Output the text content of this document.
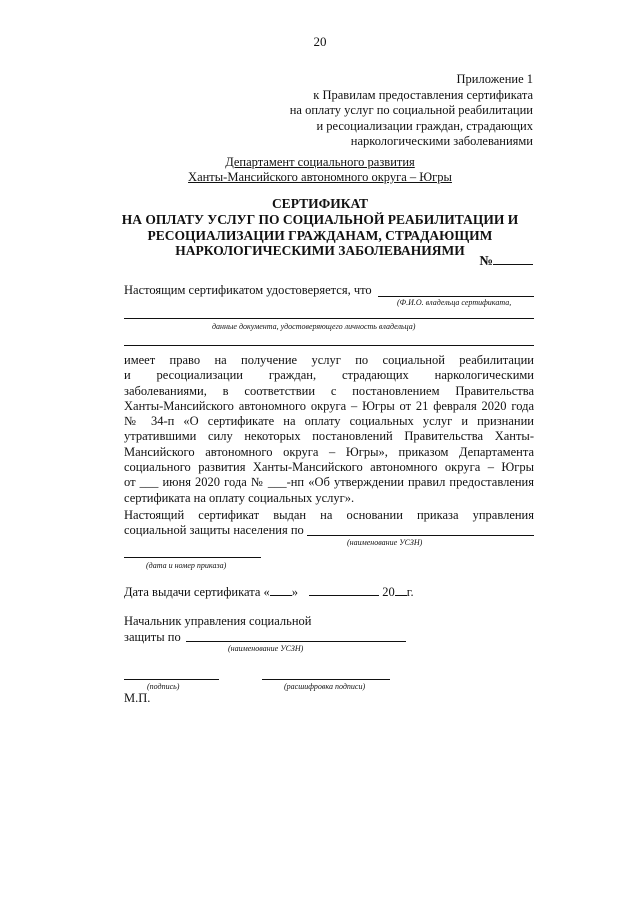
20
Приложение 1
к Правилам предоставления сертификата
на оплату услуг по социальной реабилитации
и ресоциализации граждан, страдающих
наркологическими заболеваниями
Департамент социального развития
Ханты-Мансийского автономного округа – Югры
СЕРТИФИКАТ
НА ОПЛАТУ УСЛУГ ПО СОЦИАЛЬНОЙ РЕАБИЛИТАЦИИ И
РЕСОЦИАЛИЗАЦИИ ГРАЖДАНАМ, СТРАДАЮЩИМ
НАРКОЛОГИЧЕСКИМИ ЗАБОЛЕВАНИЯМИ
№
Настоящим сертификатом удостоверяется, что
(Ф.И.О. владельца сертификата,
данные документа, удостоверяющего личность владельца)
имеет право на получение услуг по социальной реабилитации
и ресоциализации граждан, страдающих наркологическими
заболеваниями, в соответствии с постановлением Правительства
Ханты-Мансийского автономного округа – Югры от 21 февраля 2020 года
№ 34-п «О сертификате на оплату социальных услуг и признании
утратившими силу некоторых постановлений Правительства Ханты-
Мансийского автономного округа – Югры», приказом Департамента
социального развития Ханты-Мансийского автономного округа – Югры
от ___ июня 2020 года № ___-нп «Об утверждении правил предоставления
сертификата на оплату социальных услуг».
Настоящий сертификат выдан на основании приказа управления
социальной защиты населения по
(наименование УСЗН)
(дата и номер приказа)
Дата выдачи сертификата « »	20 г.
Начальник управления социальной
защиты по
(наименование УСЗН)
(подпись)	(расшифровка подписи)
М.П.
